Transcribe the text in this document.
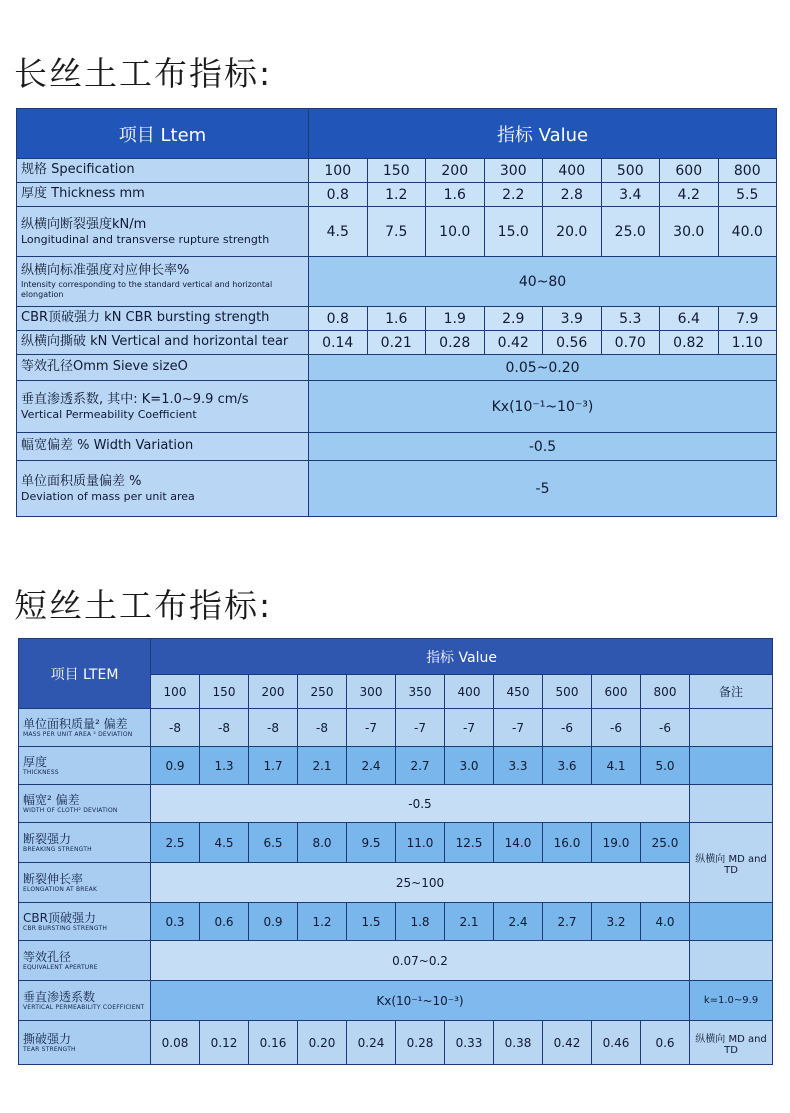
长丝土工布指标:
项目 Ltem	指标 Value							
规格 Specification	100	150	200	300	400	500	600	800
厚度 Thickness mm	0.8	1.2	1.6	2.2	2.8	3.4	4.2	5.5
纵横向断裂强度kN/m
Longitudinal and transverse rupture strength	4.5	7.5	10.0	15.0	20.0	25.0	30.0	40.0
纵横向标准强度对应伸长率%
Intensity corresponding to the standard vertical and horizontal elongation	40~80							
CBR顶破强力 kN CBR bursting strength	0.8	1.6	1.9	2.9	3.9	5.3	6.4	7.9
纵横向撕破 kN Vertical and horizontal tear	0.14	0.21	0.28	0.42	0.56	0.70	0.82	1.10
等效孔径Omm Sieve sizeO	0.05~0.20							
垂直渗透系数, 其中: K=1.0~9.9 cm/s
Vertical Permeability Coefficient	Kx(10⁻¹~10⁻³)							
幅宽偏差 % Width Variation	-0.5							
单位面积质量偏差 %
Deviation of mass per unit area	-5							
短丝土工布指标:
项目 LTEM	指标 Value											
	100	150	200	250	300	350	400	450	500	600	800	备注
单位面积质量² 偏差
MASS PER UNIT AREA ² DEVIATION	-8	-8	-8	-8	-7	-7	-7	-7	-6	-6	-6	
厚度
THICKNESS	0.9	1.3	1.7	2.1	2.4	2.7	3.0	3.3	3.6	4.1	5.0	
幅宽² 偏差
WIDTH OF CLOTH² DEVIATION	-0.5											
断裂强力
BREAKING STRENGTH	2.5	4.5	6.5	8.0	9.5	11.0	12.5	14.0	16.0	19.0	25.0	纵横向 MD and TD
断裂伸长率
ELONGATION AT BREAK	25~100											
CBR顶破强力
CBR BURSTING STRENGTH	0.3	0.6	0.9	1.2	1.5	1.8	2.1	2.4	2.7	3.2	4.0	
等效孔径
EQUIVALENT APERTURE	0.07~0.2											
垂直渗透系数
VERTICAL PERMEABILITY COEFFICIENT	Kx(10⁻¹~10⁻³)											k=1.0~9.9
撕破强力
TEAR STRENGTH	0.08	0.12	0.16	0.20	0.24	0.28	0.33	0.38	0.42	0.46	0.6	纵横向 MD and TD
